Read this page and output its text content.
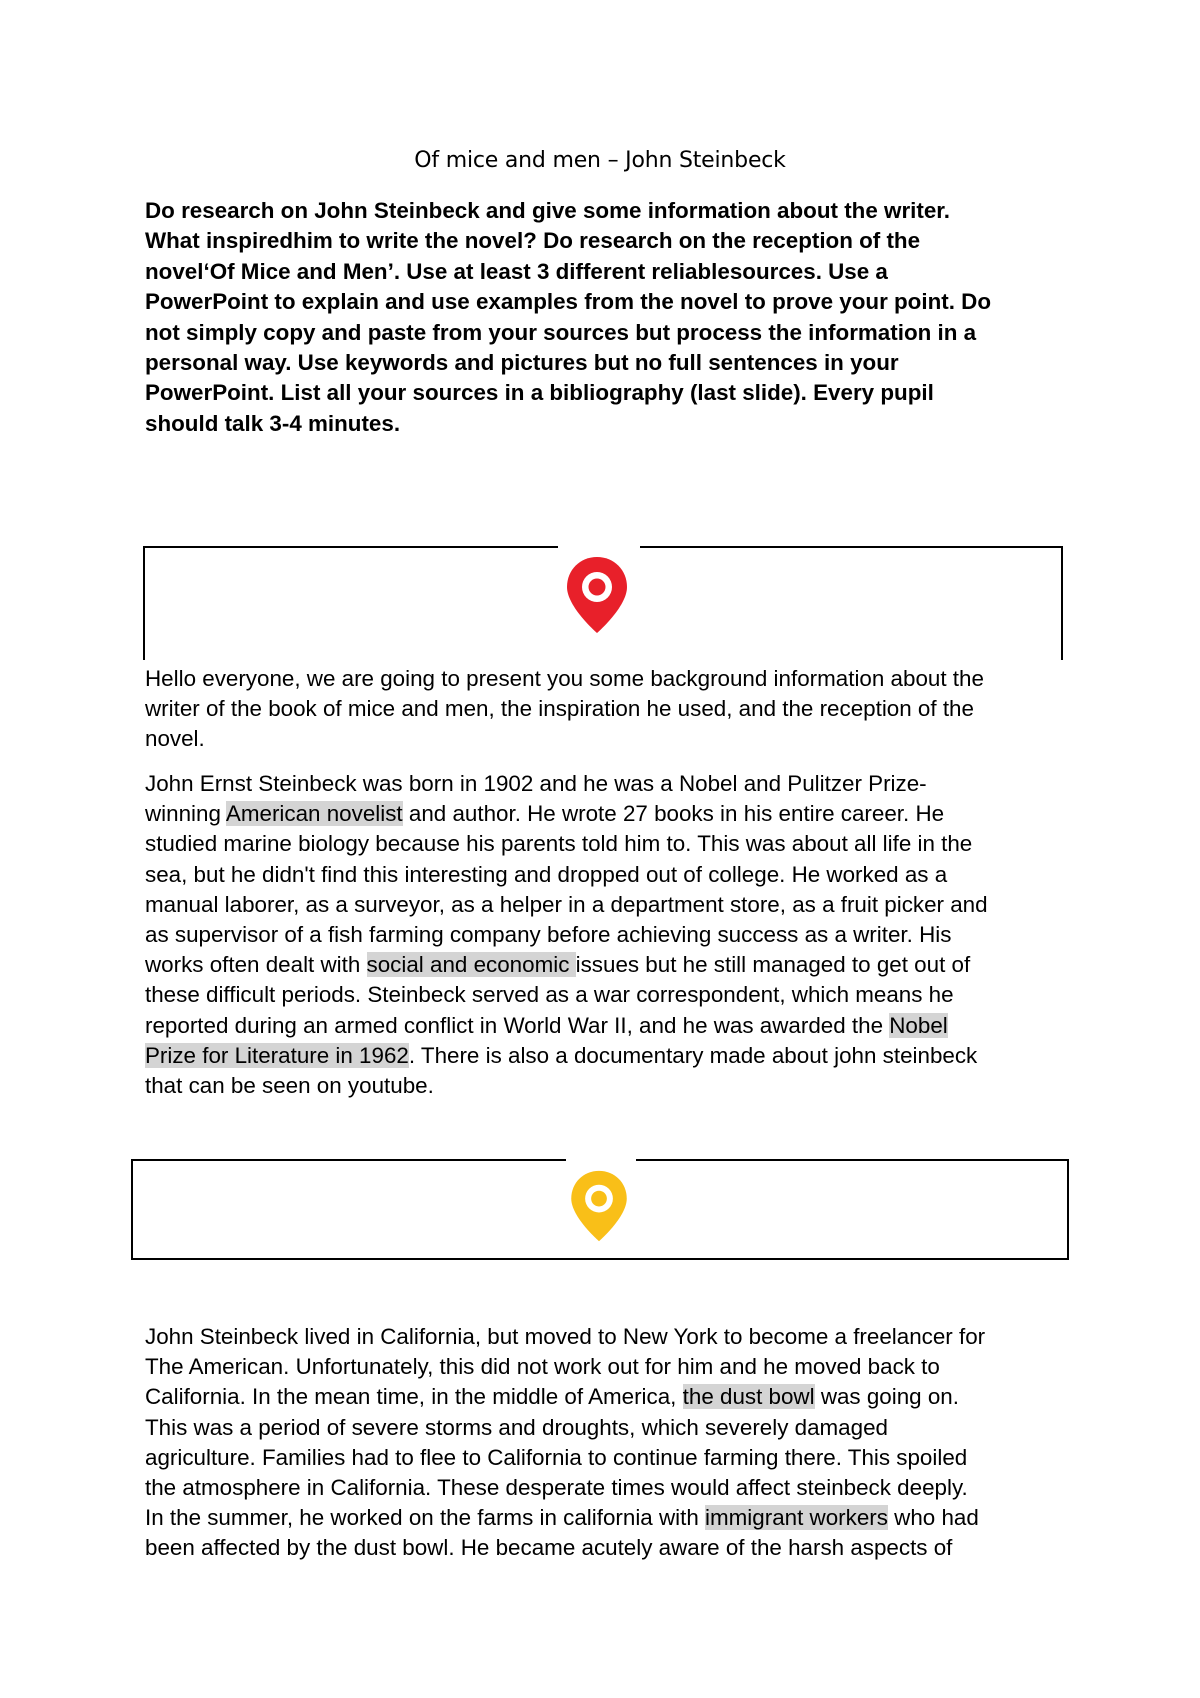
Of mice and men – John Steinbeck
Do research on John Steinbeck and give some information about the writer.
What inspiredhim to write the novel? Do research on the reception of the
novel‘Of Mice and Men’. Use at least 3 different reliablesources. Use a
PowerPoint to explain and use examples from the novel to prove your point. Do
not simply copy and paste from your sources but process the information in a
personal way. Use keywords and pictures but no full sentences in your
PowerPoint. List all your sources in a bibliography (last slide). Every pupil
should talk 3-4 minutes.
Hello everyone, we are going to present you some background information about the
writer of the book of mice and men, the inspiration he used, and the reception of the
novel.
John Ernst Steinbeck was born in 1902 and he was a Nobel and Pulitzer Prize-
winning American novelist and author. He wrote 27 books in his entire career. He
studied marine biology because his parents told him to. This was about all life in the
sea, but he didn't find this interesting and dropped out of college. He worked as a
manual laborer, as a surveyor, as a helper in a department store, as a fruit picker and
as supervisor of a fish farming company before achieving success as a writer. His
works often dealt with social and economic issues but he still managed to get out of
these difficult periods. Steinbeck served as a war correspondent, which means he
reported during an armed conflict in World War II, and he was awarded the Nobel
Prize for Literature in 1962. There is also a documentary made about john steinbeck
that can be seen on youtube.
John Steinbeck lived in California, but moved to New York to become a freelancer for
The American. Unfortunately, this did not work out for him and he moved back to
California. In the mean time, in the middle of America, the dust bowl was going on.
This was a period of severe storms and droughts, which severely damaged
agriculture. Families had to flee to California to continue farming there. This spoiled
the atmosphere in California. These desperate times would affect steinbeck deeply.
In the summer, he worked on the farms in california with immigrant workers who had
been affected by the dust bowl. He became acutely aware of the harsh aspects of
